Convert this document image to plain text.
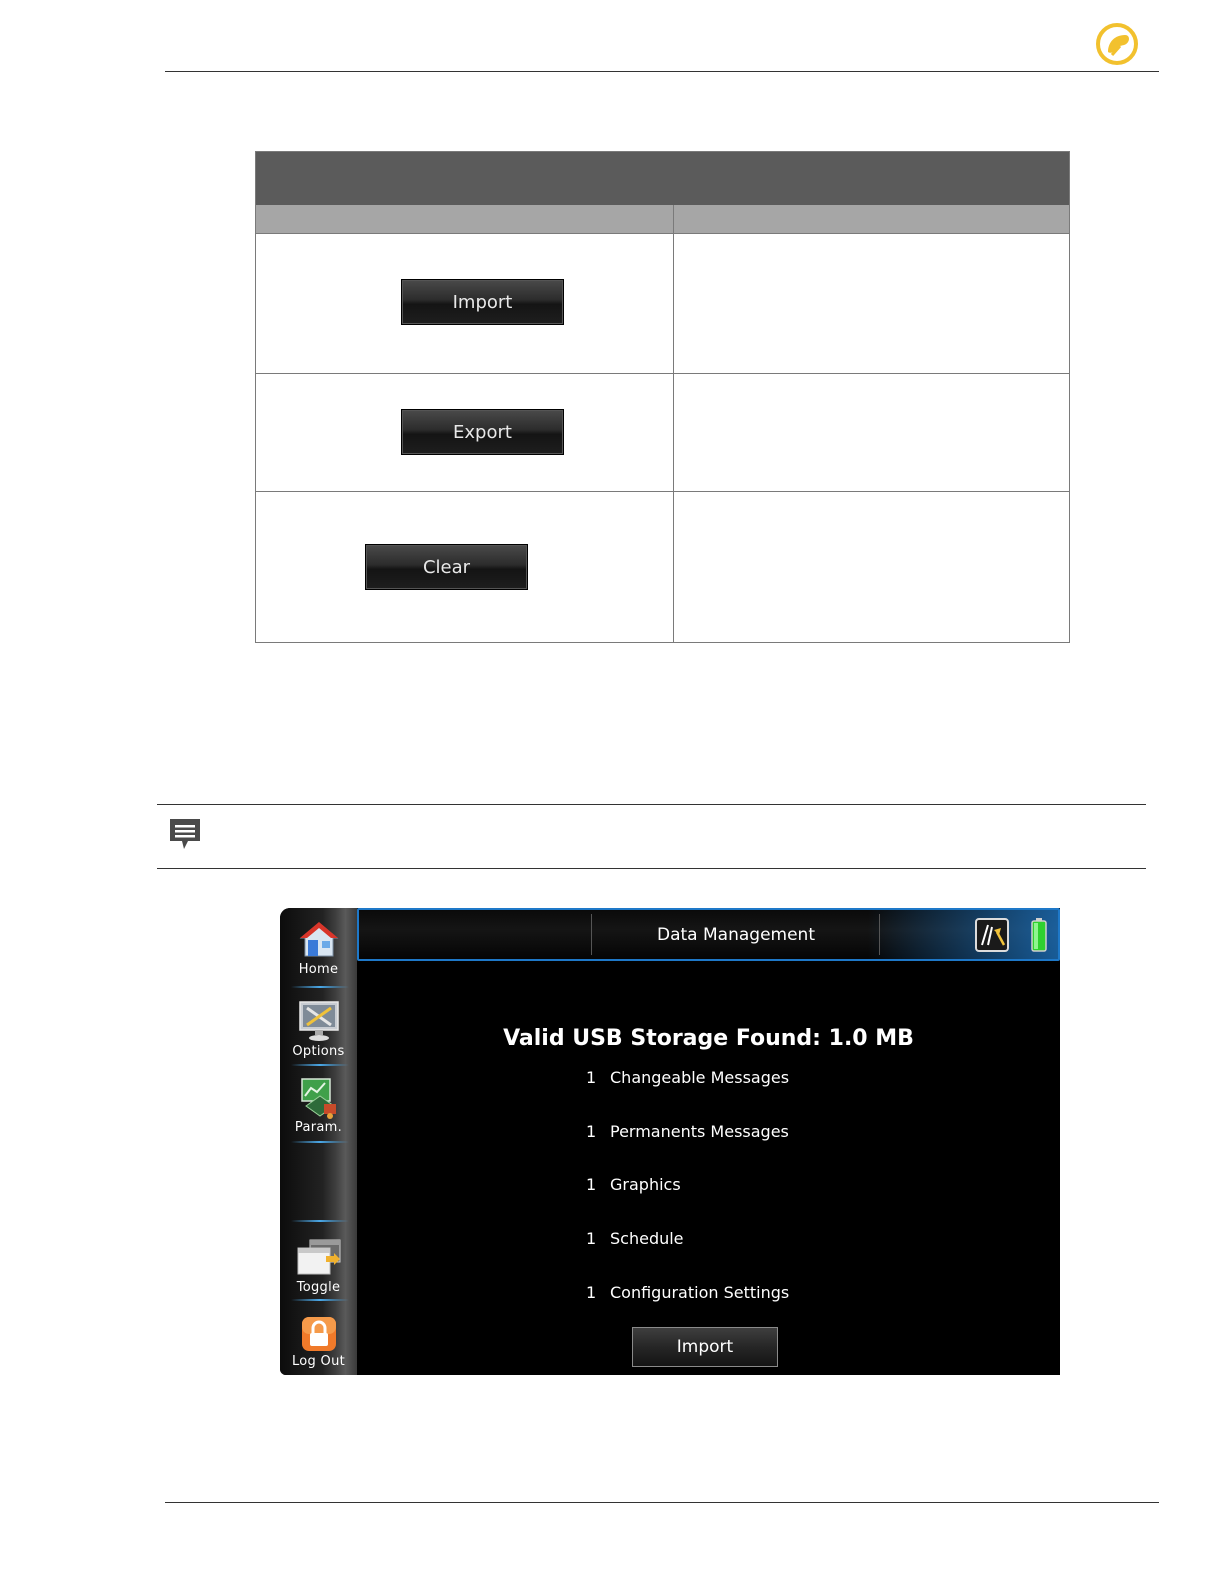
Import
Export
Clear
Home
Options
Param.
Toggle
Log Out
Data Management
Valid USB Storage Found: 1.0 MB
1 Changeable Messages
1 Permanents Messages
1 Graphics
1 Schedule
1 Configuration Settings
Import
